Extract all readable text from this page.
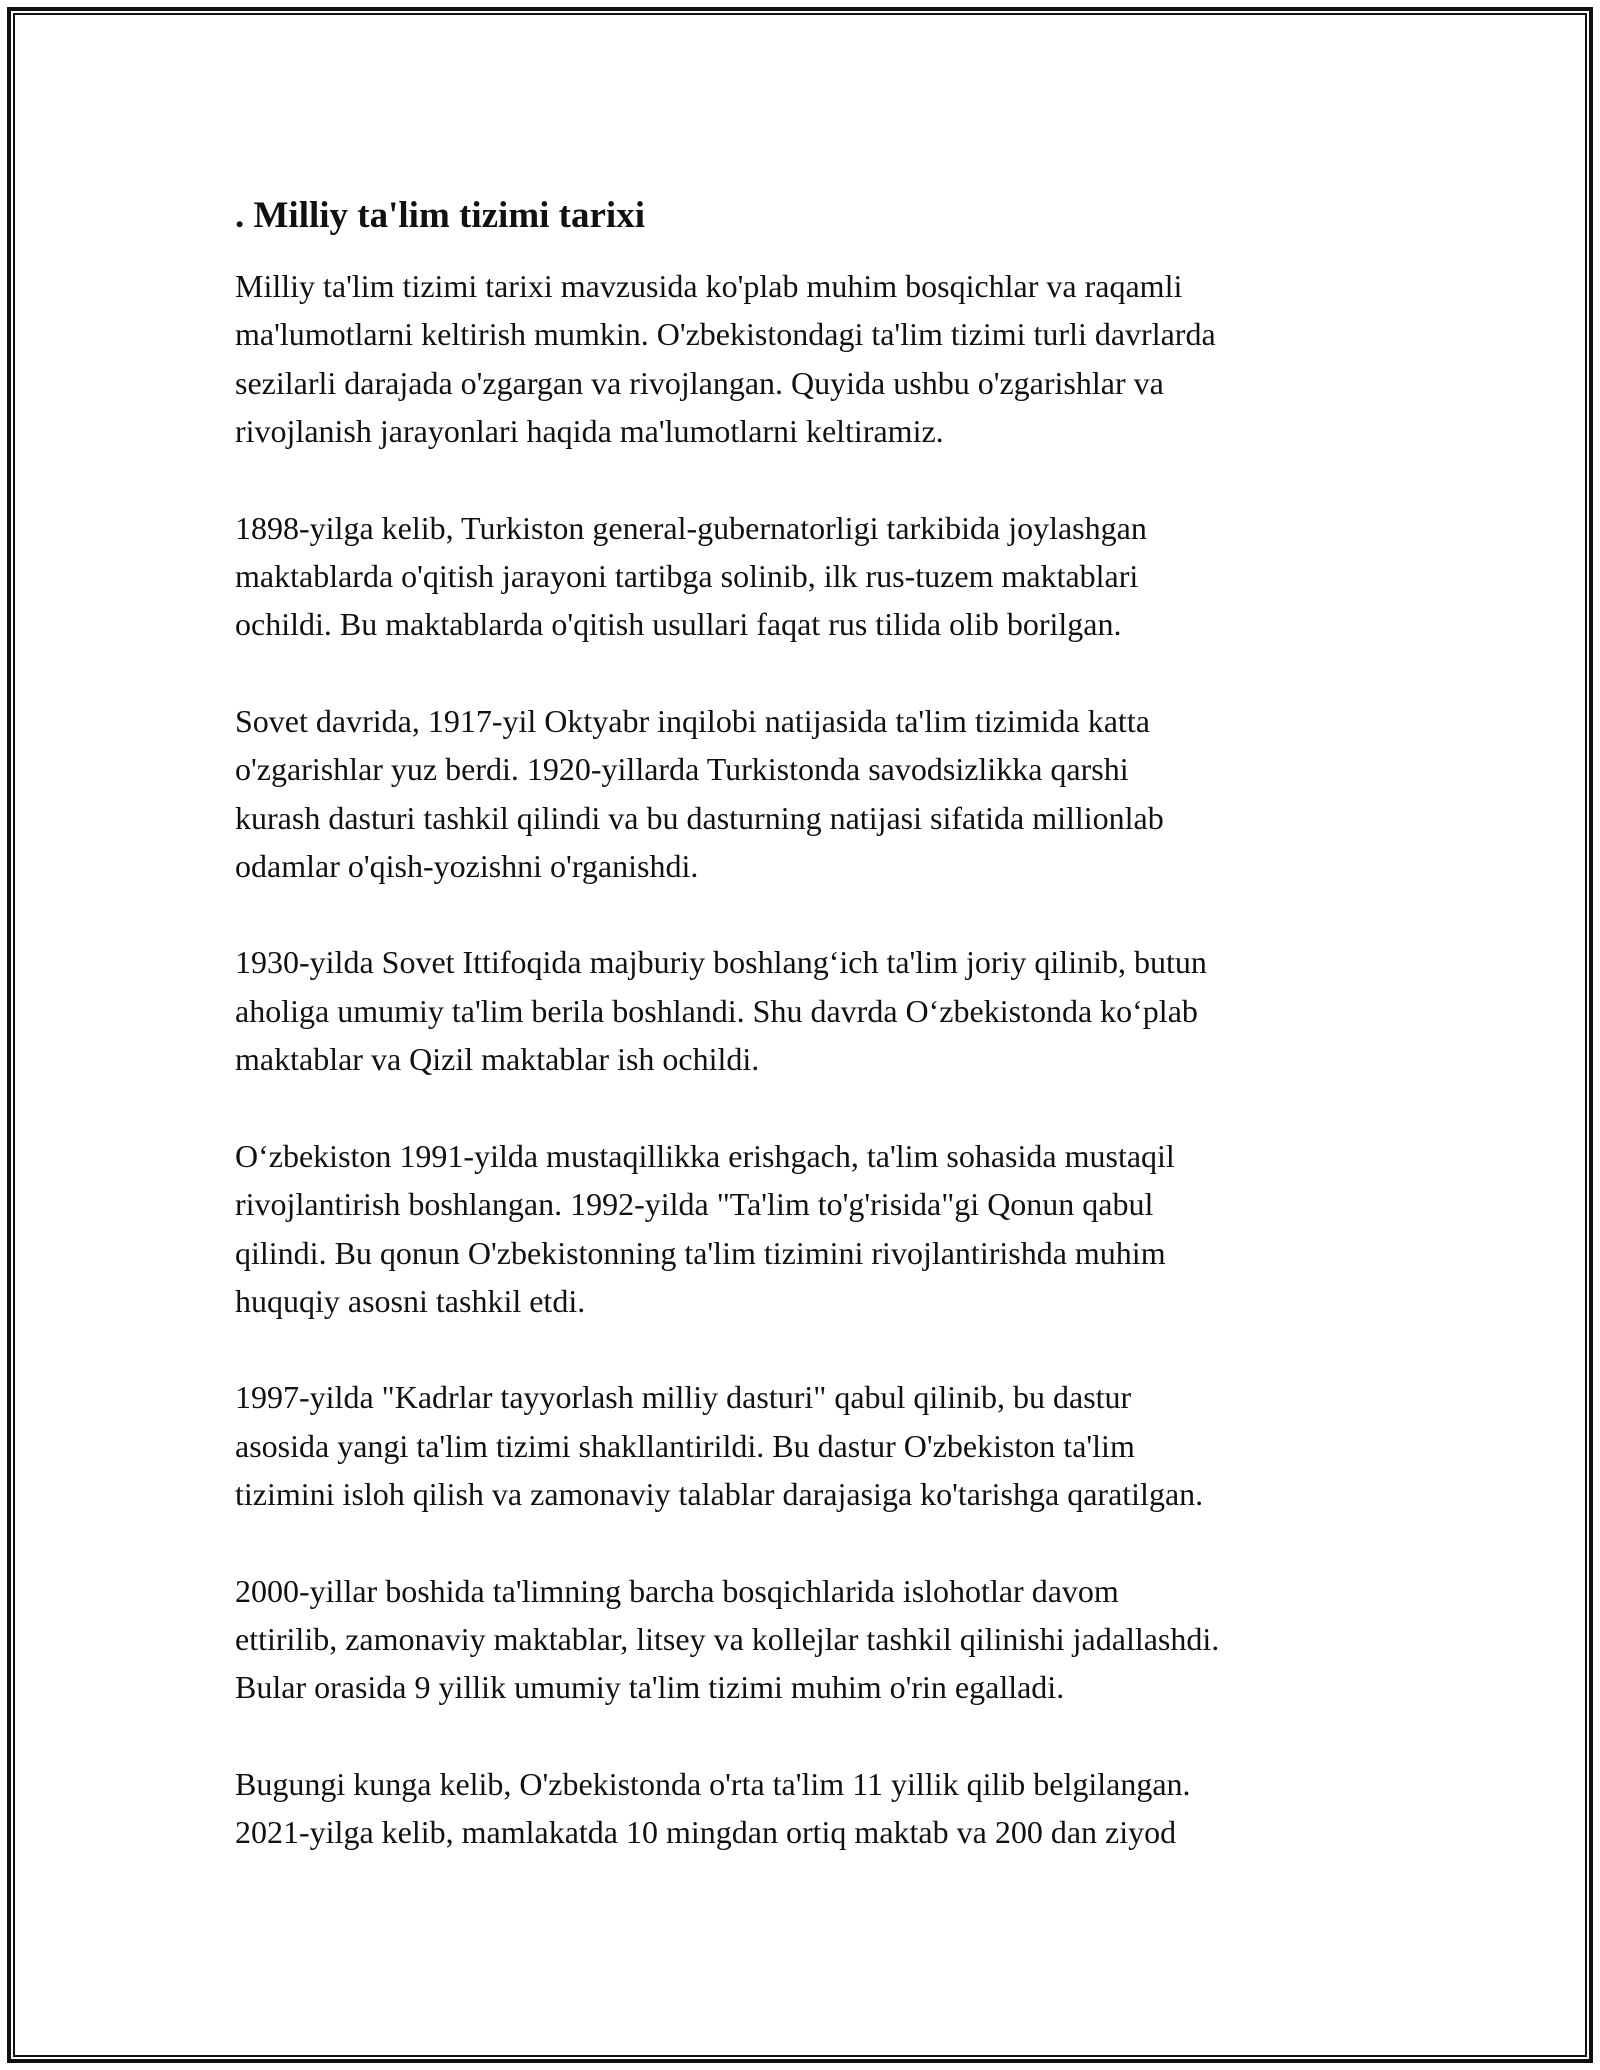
. Milliy ta'lim tizimi tarixi

Milliy ta'lim tizimi tarixi mavzusida ko'plab muhim bosqichlar va raqamli
ma'lumotlarni keltirish mumkin. O'zbekistondagi ta'lim tizimi turli davrlarda
sezilarli darajada o'zgargan va rivojlangan. Quyida ushbu o'zgarishlar va
rivojlanish jarayonlari haqida ma'lumotlarni keltiramiz.

1898-yilga kelib, Turkiston general-gubernatorligi tarkibida joylashgan
maktablarda o'qitish jarayoni tartibga solinib, ilk rus-tuzem maktablari
ochildi. Bu maktablarda o'qitish usullari faqat rus tilida olib borilgan.

Sovet davrida, 1917-yil Oktyabr inqilobi natijasida ta'lim tizimida katta
o'zgarishlar yuz berdi. 1920-yillarda Turkistonda savodsizlikka qarshi
kurash dasturi tashkil qilindi va bu dasturning natijasi sifatida millionlab
odamlar o'qish-yozishni o'rganishdi.

1930-yilda Sovet Ittifoqida majburiy boshlang‘ich ta'lim joriy qilinib, butun
aholiga umumiy ta'lim berila boshlandi. Shu davrda O‘zbekistonda ko‘plab
maktablar va Qizil maktablar ish ochildi.

O‘zbekiston 1991-yilda mustaqillikka erishgach, ta'lim sohasida mustaqil
rivojlantirish boshlangan. 1992-yilda "Ta'lim to'g'risida"gi Qonun qabul
qilindi. Bu qonun O'zbekistonning ta'lim tizimini rivojlantirishda muhim
huquqiy asosni tashkil etdi.

1997-yilda "Kadrlar tayyorlash milliy dasturi" qabul qilinib, bu dastur
asosida yangi ta'lim tizimi shakllantirildi. Bu dastur O'zbekiston ta'lim
tizimini isloh qilish va zamonaviy talablar darajasiga ko'tarishga qaratilgan.

2000-yillar boshida ta'limning barcha bosqichlarida islohotlar davom
ettirilib, zamonaviy maktablar, litsey va kollejlar tashkil qilinishi jadallashdi.
Bular orasida 9 yillik umumiy ta'lim tizimi muhim o'rin egalladi.

Bugungi kunga kelib, O'zbekistonda o'rta ta'lim 11 yillik qilib belgilangan.
2021-yilga kelib, mamlakatda 10 mingdan ortiq maktab va 200 dan ziyod
